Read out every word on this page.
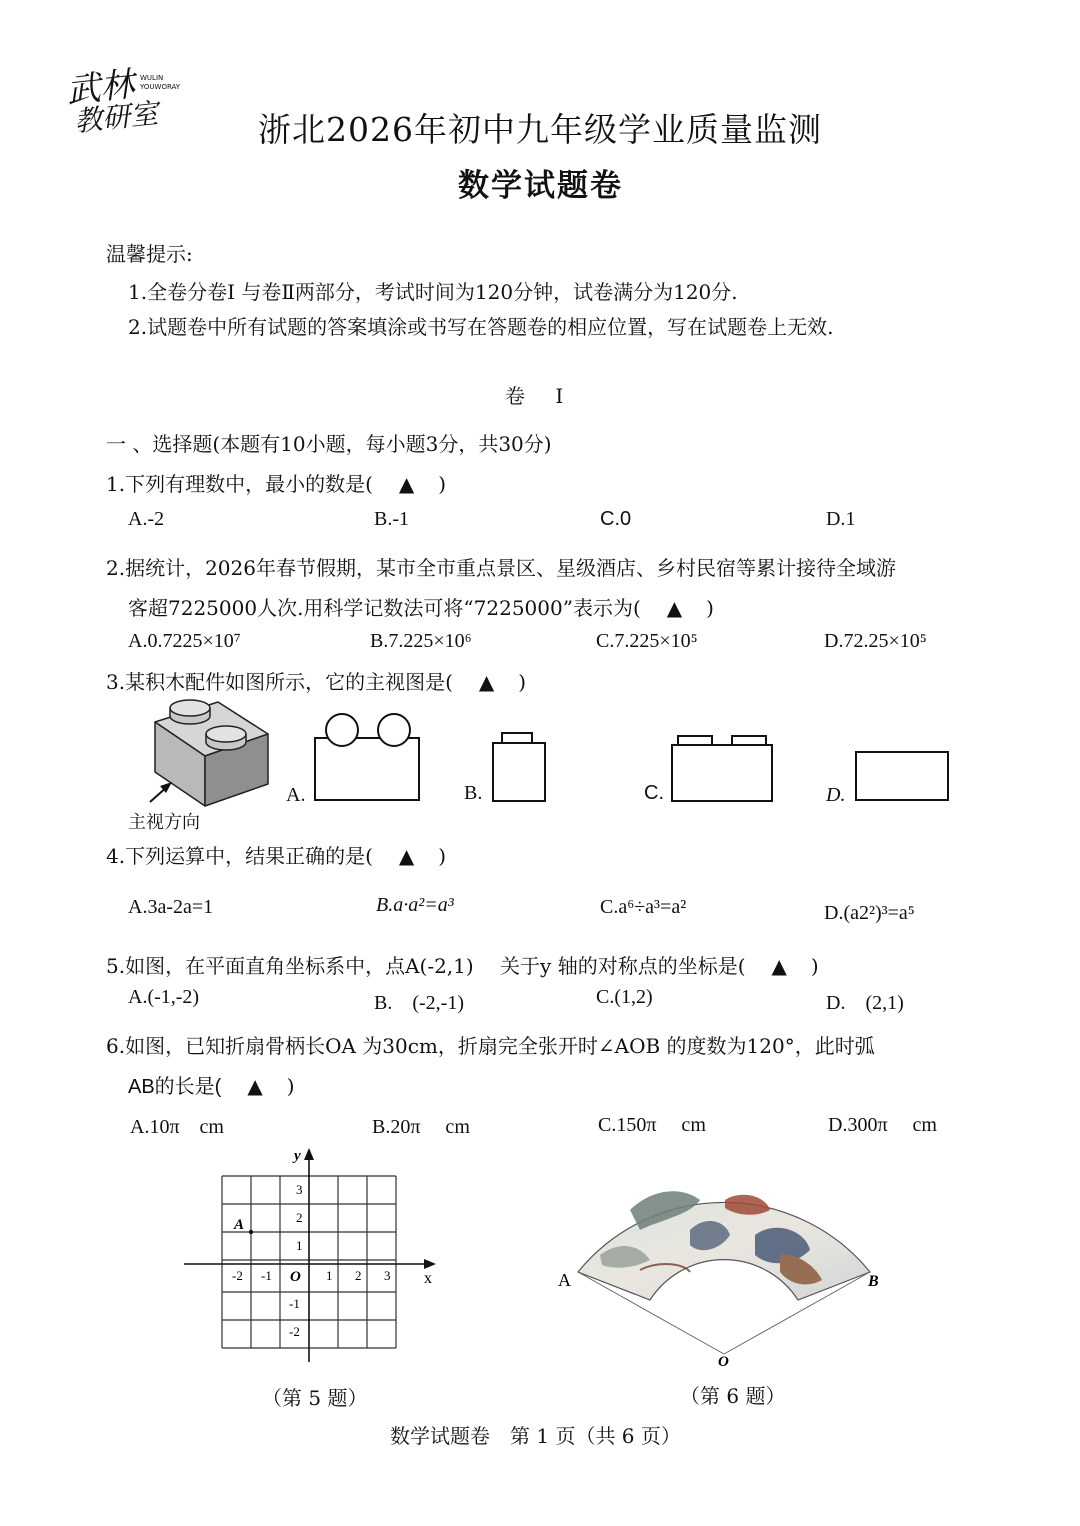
武林
教研室
WULIN
YOUWORAY
浙北2026年初中九年级学业质量监测
数学试题卷
温馨提示:
1.全卷分卷I 与卷Ⅱ两部分，考试时间为120分钟，试卷满分为120分.
2.试题卷中所有试题的答案填涂或书写在答题卷的相应位置，写在试题卷上无效.
卷 I
一 、选择题(本题有10小题，每小题3分，共30分)
1.下列有理数中，最小的数是( ▲ )
A.-2	B.-1	C.0	D.1
2.据统计，2026年春节假期，某市全市重点景区、星级酒店、乡村民宿等累计接待全域游
客超7225000人次.用科学记数法可将“7225000”表示为( ▲ )
A.0.7225×10⁷	B.7.225×10⁶	C.7.225×10⁵	D.72.25×10⁵
3.某积木配件如图所示，它的主视图是( ▲ )
A.	B.	C.	D.
主视方向
4.下列运算中，结果正确的是( ▲ )
A.3a-2a=1	B.a·a²=a³	C.a⁶÷a³=a²	D.(a2²)³=a⁵
5.如图，在平面直角坐标系中，点A(-2,1)　 关于y 轴的对称点的坐标是( ▲ )
A.(-1,-2)	B.　(-2,-1)	C.(1,2)	D.　(2,1)
6.如图，已知折扇骨柄长OA 为30cm，折扇完全张开时∠AOB 的度数为120°，此时弧
AB的长是( ▲ )
A.10π　cm	B.20π　 cm	C.150π　 cm	D.300π　 cm
y
x
O
A
-2 -1	1 2 3
3
2
1
-1
-2
（第 5 题）
A	B
O
（第 6 题）
数学试题卷　第 1 页（共 6 页）
